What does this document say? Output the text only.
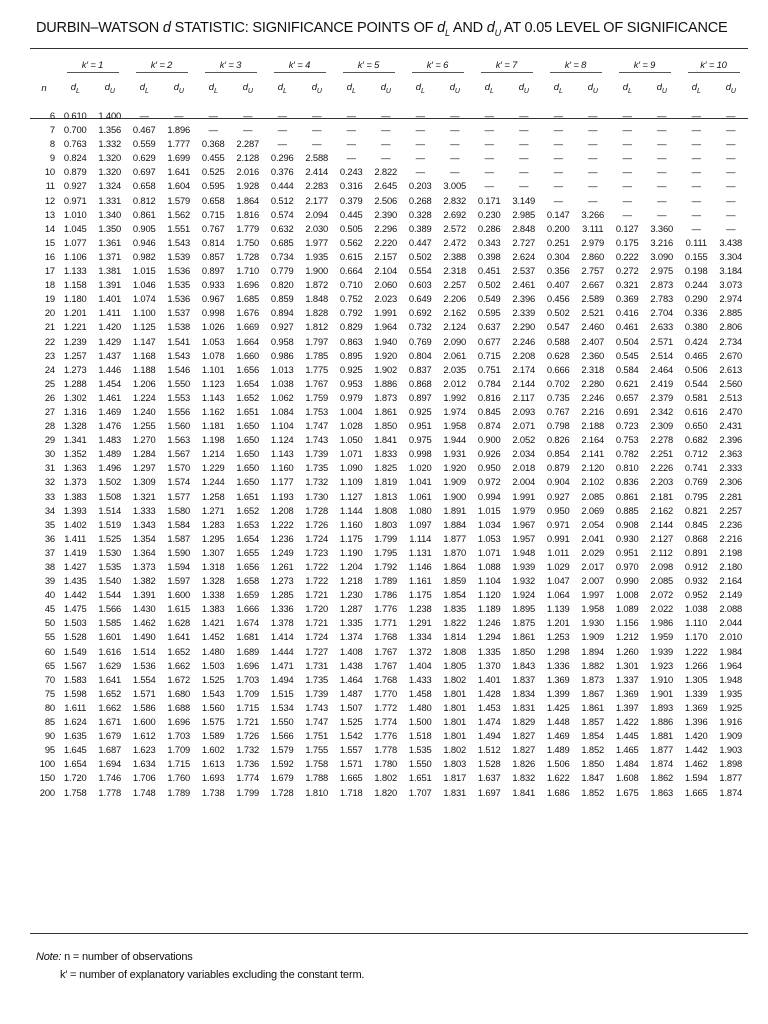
DURBIN–WATSON d STATISTIC: SIGNIFICANCE POINTS OF $d_L$ AND $d_U$ AT 0.05 LEVEL OF SIGNIFICANCE
	k′ = 1		k′ = 2		k′ = 3		k′ = 4		k′ = 5		k′ = 6		k′ = 7		k′ = 8		k′ = 9		k′ = 10	
n	$d_L$	$d_U$	$d_L$	$d_U$	$d_L$	$d_U$	$d_L$	$d_U$	$d_L$	$d_U$	$d_L$	$d_U$	$d_L$	$d_U$	$d_L$	$d_U$	$d_L$	$d_U$	$d_L$	$d_U$

6	0.610	1.400	—	—	—	—	—	—	—	—	—	—	—	—	—	—	—	—	—	—
7	0.700	1.356	0.467	1.896	—	—	—	—	—	—	—	—	—	—	—	—	—	—	—	—
8	0.763	1.332	0.559	1.777	0.368	2.287	—	—	—	—	—	—	—	—	—	—	—	—	—	—
9	0.824	1.320	0.629	1.699	0.455	2.128	0.296	2.588	—	—	—	—	—	—	—	—	—	—	—	—
10	0.879	1.320	0.697	1.641	0.525	2.016	0.376	2.414	0.243	2.822	—	—	—	—	—	—	—	—	—	—
11	0.927	1.324	0.658	1.604	0.595	1.928	0.444	2.283	0.316	2.645	0.203	3.005	—	—	—	—	—	—	—	—
12	0.971	1.331	0.812	1.579	0.658	1.864	0.512	2.177	0.379	2.506	0.268	2.832	0.171	3.149	—	—	—	—	—	—
13	1.010	1.340	0.861	1.562	0.715	1.816	0.574	2.094	0.445	2.390	0.328	2.692	0.230	2.985	0.147	3.266	—	—	—	—
14	1.045	1.350	0.905	1.551	0.767	1.779	0.632	2.030	0.505	2.296	0.389	2.572	0.286	2.848	0.200	3.111	0.127	3.360	—	—
15	1.077	1.361	0.946	1.543	0.814	1.750	0.685	1.977	0.562	2.220	0.447	2.472	0.343	2.727	0.251	2.979	0.175	3.216	0.111	3.438
16	1.106	1.371	0.982	1.539	0.857	1.728	0.734	1.935	0.615	2.157	0.502	2.388	0.398	2.624	0.304	2.860	0.222	3.090	0.155	3.304
17	1.133	1.381	1.015	1.536	0.897	1.710	0.779	1.900	0.664	2.104	0.554	2.318	0.451	2.537	0.356	2.757	0.272	2.975	0.198	3.184
18	1.158	1.391	1.046	1.535	0.933	1.696	0.820	1.872	0.710	2.060	0.603	2.257	0.502	2.461	0.407	2.667	0.321	2.873	0.244	3.073
19	1.180	1.401	1.074	1.536	0.967	1.685	0.859	1.848	0.752	2.023	0.649	2.206	0.549	2.396	0.456	2.589	0.369	2.783	0.290	2.974
20	1.201	1.411	1.100	1.537	0.998	1.676	0.894	1.828	0.792	1.991	0.692	2.162	0.595	2.339	0.502	2.521	0.416	2.704	0.336	2.885
21	1.221	1.420	1.125	1.538	1.026	1.669	0.927	1.812	0.829	1.964	0.732	2.124	0.637	2.290	0.547	2.460	0.461	2.633	0.380	2.806
22	1.239	1.429	1.147	1.541	1.053	1.664	0.958	1.797	0.863	1.940	0.769	2.090	0.677	2.246	0.588	2.407	0.504	2.571	0.424	2.734
23	1.257	1.437	1.168	1.543	1.078	1.660	0.986	1.785	0.895	1.920	0.804	2.061	0.715	2.208	0.628	2.360	0.545	2.514	0.465	2.670
24	1.273	1.446	1.188	1.546	1.101	1.656	1.013	1.775	0.925	1.902	0.837	2.035	0.751	2.174	0.666	2.318	0.584	2.464	0.506	2.613
25	1.288	1.454	1.206	1.550	1.123	1.654	1.038	1.767	0.953	1.886	0.868	2.012	0.784	2.144	0.702	2.280	0.621	2.419	0.544	2.560
26	1.302	1.461	1.224	1.553	1.143	1.652	1.062	1.759	0.979	1.873	0.897	1.992	0.816	2.117	0.735	2.246	0.657	2.379	0.581	2.513
27	1.316	1.469	1.240	1.556	1.162	1.651	1.084	1.753	1.004	1.861	0.925	1.974	0.845	2.093	0.767	2.216	0.691	2.342	0.616	2.470
28	1.328	1.476	1.255	1.560	1.181	1.650	1.104	1.747	1.028	1.850	0.951	1.958	0.874	2.071	0.798	2.188	0.723	2.309	0.650	2.431
29	1.341	1.483	1.270	1.563	1.198	1.650	1.124	1.743	1.050	1.841	0.975	1.944	0.900	2.052	0.826	2.164	0.753	2.278	0.682	2.396
30	1.352	1.489	1.284	1.567	1.214	1.650	1.143	1.739	1.071	1.833	0.998	1.931	0.926	2.034	0.854	2.141	0.782	2.251	0.712	2.363
31	1.363	1.496	1.297	1.570	1.229	1.650	1.160	1.735	1.090	1.825	1.020	1.920	0.950	2.018	0.879	2.120	0.810	2.226	0.741	2.333
32	1.373	1.502	1.309	1.574	1.244	1.650	1.177	1.732	1.109	1.819	1.041	1.909	0.972	2.004	0.904	2.102	0.836	2.203	0.769	2.306
33	1.383	1.508	1.321	1.577	1.258	1.651	1.193	1.730	1.127	1.813	1.061	1.900	0.994	1.991	0.927	2.085	0.861	2.181	0.795	2.281
34	1.393	1.514	1.333	1.580	1.271	1.652	1.208	1.728	1.144	1.808	1.080	1.891	1.015	1.979	0.950	2.069	0.885	2.162	0.821	2.257
35	1.402	1.519	1.343	1.584	1.283	1.653	1.222	1.726	1.160	1.803	1.097	1.884	1.034	1.967	0.971	2.054	0.908	2.144	0.845	2.236
36	1.411	1.525	1.354	1.587	1.295	1.654	1.236	1.724	1.175	1.799	1.114	1.877	1.053	1.957	0.991	2.041	0.930	2.127	0.868	2.216
37	1.419	1.530	1.364	1.590	1.307	1.655	1.249	1.723	1.190	1.795	1.131	1.870	1.071	1.948	1.011	2.029	0.951	2.112	0.891	2.198
38	1.427	1.535	1.373	1.594	1.318	1.656	1.261	1.722	1.204	1.792	1.146	1.864	1.088	1.939	1.029	2.017	0.970	2.098	0.912	2.180
39	1.435	1.540	1.382	1.597	1.328	1.658	1.273	1.722	1.218	1.789	1.161	1.859	1.104	1.932	1.047	2.007	0.990	2.085	0.932	2.164
40	1.442	1.544	1.391	1.600	1.338	1.659	1.285	1.721	1.230	1.786	1.175	1.854	1.120	1.924	1.064	1.997	1.008	2.072	0.952	2.149
45	1.475	1.566	1.430	1.615	1.383	1.666	1.336	1.720	1.287	1.776	1.238	1.835	1.189	1.895	1.139	1.958	1.089	2.022	1.038	2.088
50	1.503	1.585	1.462	1.628	1.421	1.674	1.378	1.721	1.335	1.771	1.291	1.822	1.246	1.875	1.201	1.930	1.156	1.986	1.110	2.044
55	1.528	1.601	1.490	1.641	1.452	1.681	1.414	1.724	1.374	1.768	1.334	1.814	1.294	1.861	1.253	1.909	1.212	1.959	1.170	2.010
60	1.549	1.616	1.514	1.652	1.480	1.689	1.444	1.727	1.408	1.767	1.372	1.808	1.335	1.850	1.298	1.894	1.260	1.939	1.222	1.984
65	1.567	1.629	1.536	1.662	1.503	1.696	1.471	1.731	1.438	1.767	1.404	1.805	1.370	1.843	1.336	1.882	1.301	1.923	1.266	1.964
70	1.583	1.641	1.554	1.672	1.525	1.703	1.494	1.735	1.464	1.768	1.433	1.802	1.401	1.837	1.369	1.873	1.337	1.910	1.305	1.948
75	1.598	1.652	1.571	1.680	1.543	1.709	1.515	1.739	1.487	1.770	1.458	1.801	1.428	1.834	1.399	1.867	1.369	1.901	1.339	1.935
80	1.611	1.662	1.586	1.688	1.560	1.715	1.534	1.743	1.507	1.772	1.480	1.801	1.453	1.831	1.425	1.861	1.397	1.893	1.369	1.925
85	1.624	1.671	1.600	1.696	1.575	1.721	1.550	1.747	1.525	1.774	1.500	1.801	1.474	1.829	1.448	1.857	1.422	1.886	1.396	1.916
90	1.635	1.679	1.612	1.703	1.589	1.726	1.566	1.751	1.542	1.776	1.518	1.801	1.494	1.827	1.469	1.854	1.445	1.881	1.420	1.909
95	1.645	1.687	1.623	1.709	1.602	1.732	1.579	1.755	1.557	1.778	1.535	1.802	1.512	1.827	1.489	1.852	1.465	1.877	1.442	1.903
100	1.654	1.694	1.634	1.715	1.613	1.736	1.592	1.758	1.571	1.780	1.550	1.803	1.528	1.826	1.506	1.850	1.484	1.874	1.462	1.898
150	1.720	1.746	1.706	1.760	1.693	1.774	1.679	1.788	1.665	1.802	1.651	1.817	1.637	1.832	1.622	1.847	1.608	1.862	1.594	1.877
200	1.758	1.778	1.748	1.789	1.738	1.799	1.728	1.810	1.718	1.820	1.707	1.831	1.697	1.841	1.686	1.852	1.675	1.863	1.665	1.874
Note: n = number of observations
k′ = number of explanatory variables excluding the constant term.
